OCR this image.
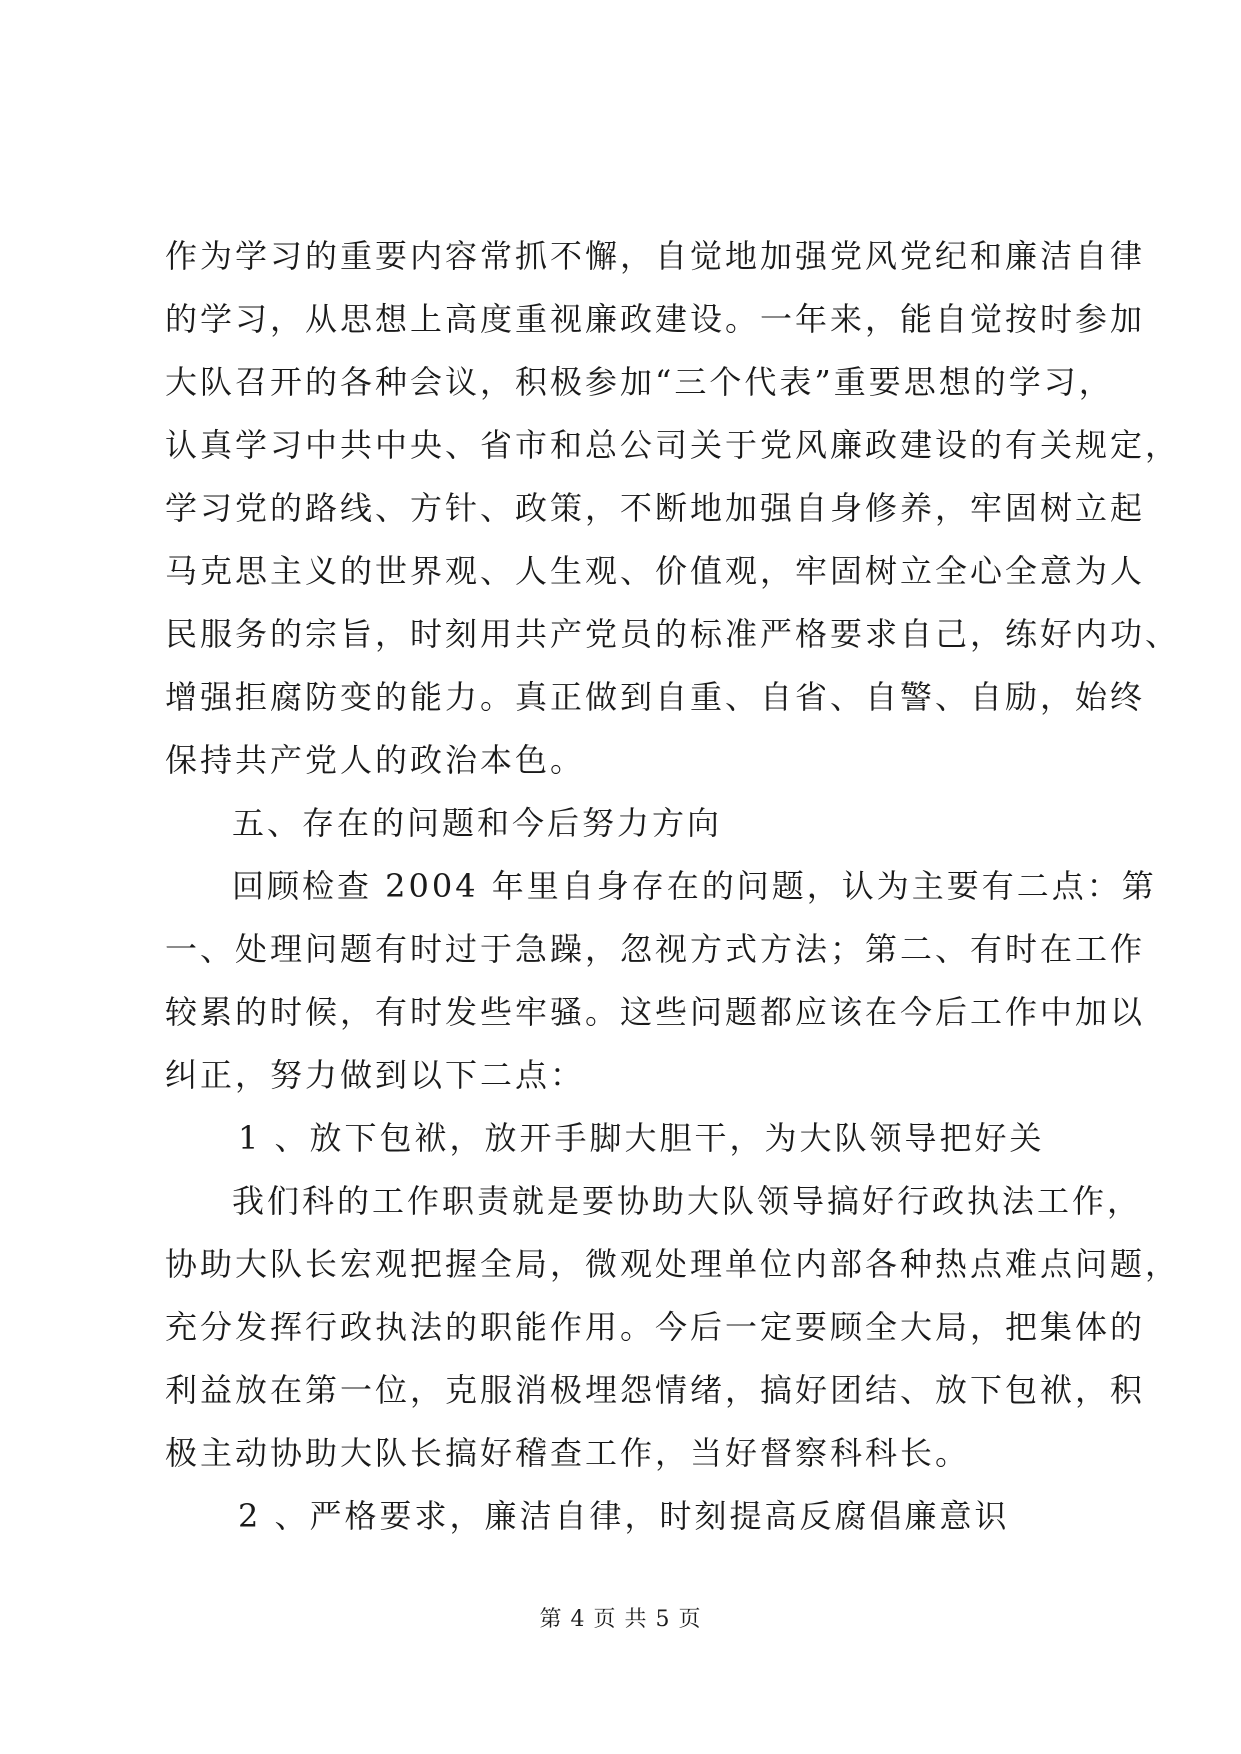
作为学习的重要内容常抓不懈，自觉地加强党风党纪和廉洁自律
的学习，从思想上高度重视廉政建设。一年来，能自觉按时参加
大队召开的各种会议，积极参加“三个代表”重要思想的学习，
认真学习中共中央、省市和总公司关于党风廉政建设的有关规定，
学习党的路线、方针、政策，不断地加强自身修养，牢固树立起
马克思主义的世界观、人生观、价值观，牢固树立全心全意为人
民服务的宗旨，时刻用共产党员的标准严格要求自己，练好内功、
增强拒腐防变的能力。真正做到自重、自省、自警、自励，始终
保持共产党人的政治本色。
五、存在的问题和今后努力方向
回顾检查 2004 年里自身存在的问题，认为主要有二点：第
一、处理问题有时过于急躁，忽视方式方法；第二、有时在工作
较累的时候，有时发些牢骚。这些问题都应该在今后工作中加以
纠正，努力做到以下二点：
1 、放下包袱，放开手脚大胆干，为大队领导把好关
我们科的工作职责就是要协助大队领导搞好行政执法工作，
协助大队长宏观把握全局，微观处理单位内部各种热点难点问题，
充分发挥行政执法的职能作用。今后一定要顾全大局，把集体的
利益放在第一位，克服消极埋怨情绪，搞好团结、放下包袱，积
极主动协助大队长搞好稽查工作，当好督察科科长。
2 、严格要求，廉洁自律，时刻提高反腐倡廉意识
第 4 页 共 5 页
